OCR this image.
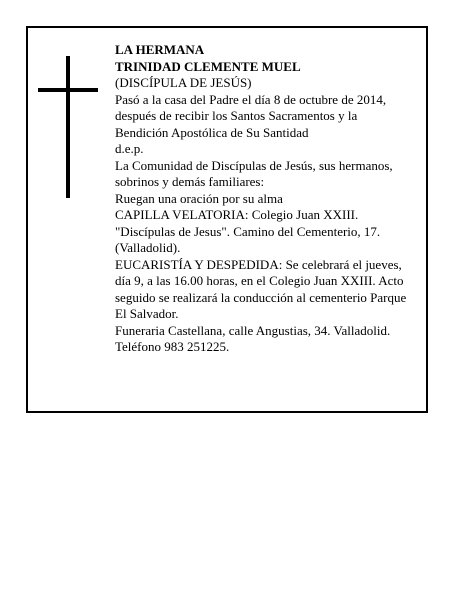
LA HERMANA

TRINIDAD CLEMENTE MUEL

(DISCÍPULA DE JESÚS)

Pasó a la casa del Padre el día 8 de octubre de 2014,

después de recibir los Santos Sacramentos y la

Bendición Apostólica de Su Santidad

d.e.p.

La Comunidad de Discípulas de Jesús, sus hermanos,

sobrinos y demás familiares:

Ruegan una oración por su alma

CAPILLA VELATORIA: Colegio Juan XXIII.

"Discípulas de Jesus". Camino del Cementerio, 17.

(Valladolid).

EUCARISTÍA Y DESPEDIDA: Se celebrará el jueves,

día 9, a las 16.00 horas, en el Colegio Juan XXIII. Acto

seguido se realizará la conducción al cementerio Parque

El Salvador.

Funeraria Castellana, calle Angustias, 34. Valladolid.

Teléfono 983 251225.
